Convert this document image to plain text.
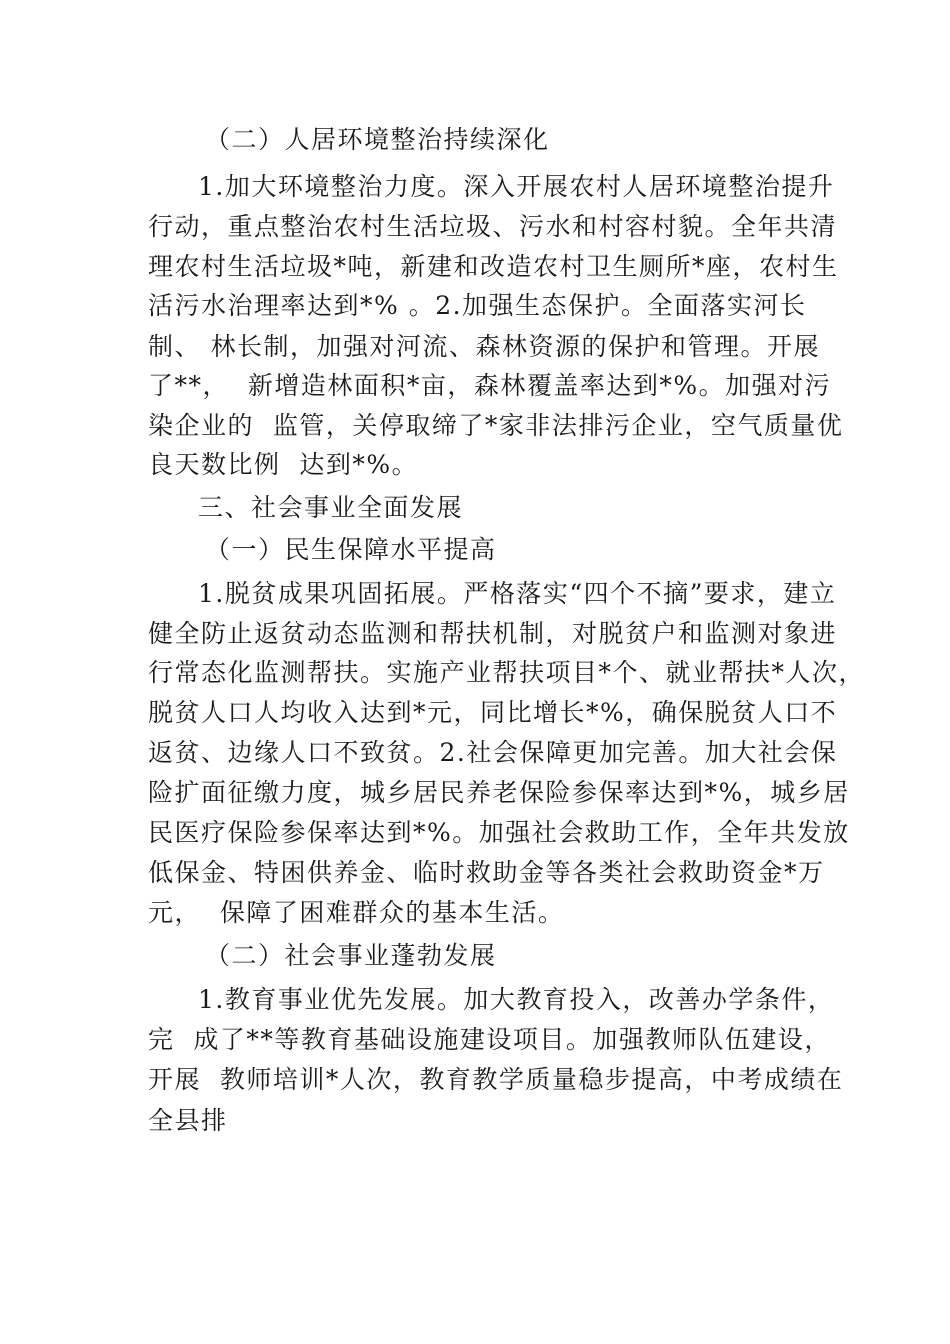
（二）人居环境整治持续深化
1.加大环境整治力度。深入开展农村人居环境整治提升
行动，重点整治农村生活垃圾、污水和村容村貌。全年共清
理农村生活垃圾*吨，新建和改造农村卫生厕所*座，农村生
活污水治理率达到*% 。2.加强生态保护。全面落实河长
制、 林长制，加强对河流、森林资源的保护和管理。开展
了**，  新增造林面积*亩，森林覆盖率达到*%。加强对污
染企业的  监管，关停取缔了*家非法排污企业，空气质量优
良天数比例  达到*%。
三、社会事业全面发展
（一）民生保障水平提高
1.脱贫成果巩固拓展。严格落实“四个不摘”要求，建立
健全防止返贫动态监测和帮扶机制，对脱贫户和监测对象进
行常态化监测帮扶。实施产业帮扶项目*个、就业帮扶*人次，
脱贫人口人均收入达到*元，同比增长*%，确保脱贫人口不
返贫、边缘人口不致贫。2.社会保障更加完善。加大社会保
险扩面征缴力度，城乡居民养老保险参保率达到*%，城乡居
民医疗保险参保率达到*%。加强社会救助工作，全年共发放
低保金、特困供养金、临时救助金等各类社会救助资金*万
元，  保障了困难群众的基本生活。
（二）社会事业蓬勃发展
1.教育事业优先发展。加大教育投入，改善办学条件，
完  成了**等教育基础设施建设项目。加强教师队伍建设，
开展  教师培训*人次，教育教学质量稳步提高，中考成绩在
全县排
